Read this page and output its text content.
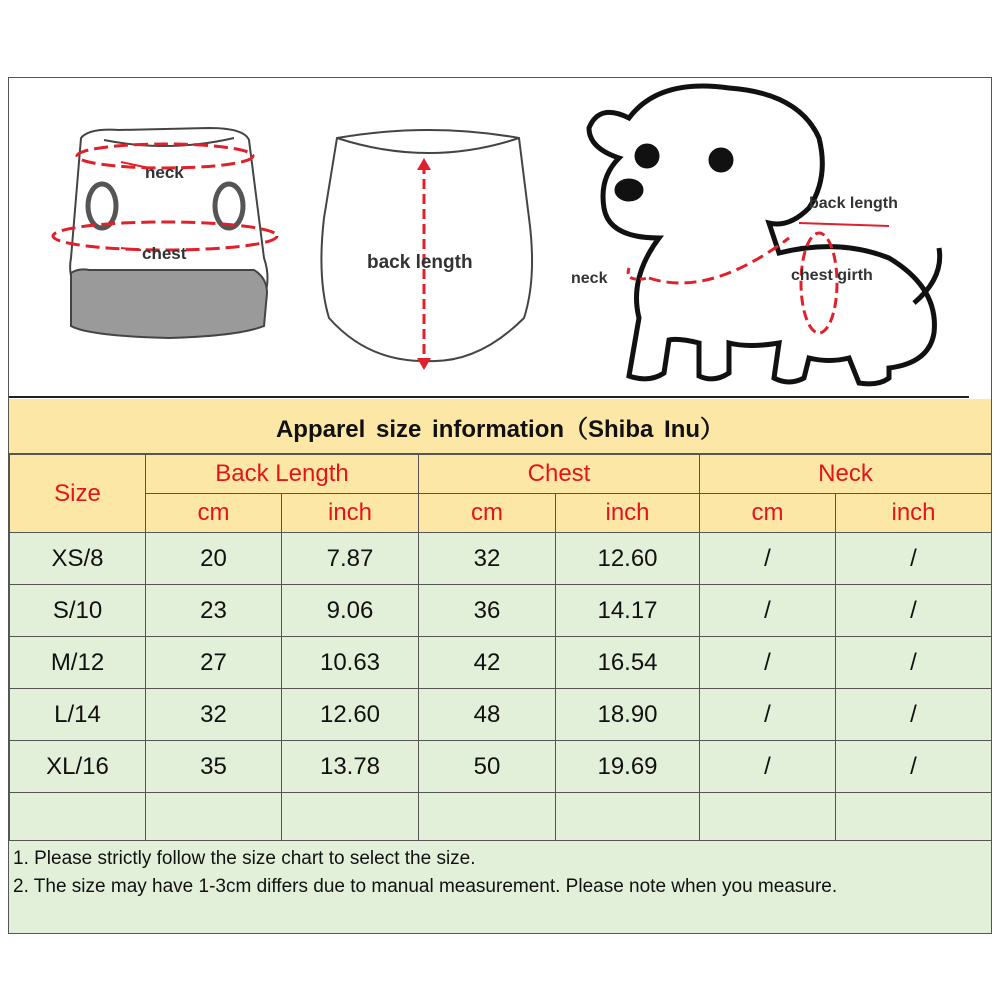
neck
chest	back length
back length
neck	chest girth
Apparel size information（Shiba Inu）
Size	Back Length		Chest		Neck	
	cm	inch	cm	inch	cm	inch
XS/8	20	7.87	32	12.60	/	/
S/10	23	9.06	36	14.17	/	/
M/12	27	10.63	42	16.54	/	/
L/14	32	12.60	48	18.90	/	/
XL/16	35	13.78	50	19.69	/	/

1. Please strictly follow the size chart to select the size.
2. The size may have 1-3cm differs due to manual measurement. Please note when you measure.
